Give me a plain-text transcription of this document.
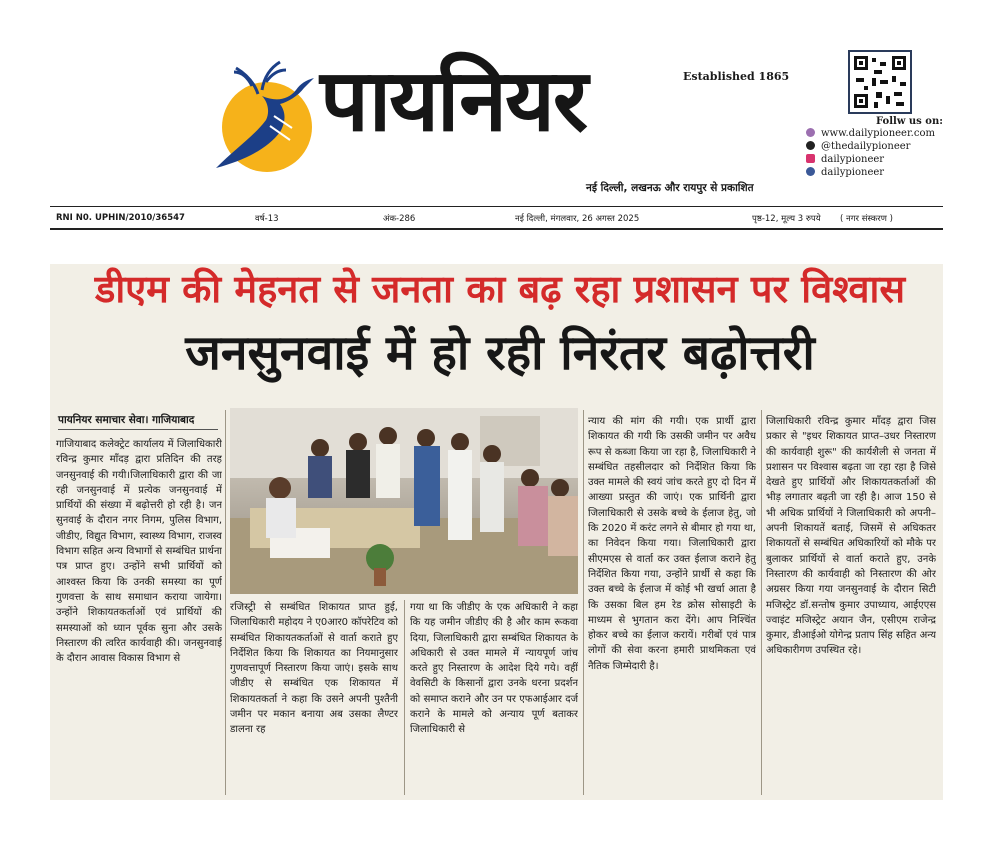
पायनियर	Established 1865
नई दिल्ली, लखनऊ और रायपुर से प्रकाशित
Follw us on:
www.dailypioneer.com
@thedailypioneer
dailypioneer
dailypioneer
RNI N0. UPHIN/2010/36547	वर्ष-13	अंक-286	नई दिल्ली, मंगलवार, 26 अगस्त 2025	पृष्ठ-12, मूल्य 3 रुपये ( नगर संस्करण )
डीएम की मेहनत से जनता का बढ़ रहा प्रशासन पर विश्वास
जनसुनवाई में हो रही निरंतर बढ़ोत्तरी
पायनियर समाचार सेवा। गाजियाबाद

गाजियाबाद कलेक्ट्रेट कार्यालय में जिलाधिकारी रविन्द्र कुमार माँदड़ द्वारा प्रतिदिन की तरह जनसुनवाई की गयी।जिलाधिकारी द्वारा की जा रही जनसुनवाई में प्रत्येक जनसुनवाई में प्रार्थियों की संख्या में बढ़ोत्तरी हो रही है। जन सुनवाई के दौरान नगर निगम, पुलिस विभाग, जीडीए, विद्युत विभाग, स्वास्थ्य विभाग, राजस्व विभाग सहित अन्य विभागों से सम्बंधित प्रार्थना पत्र प्राप्त हुए। उन्होंने सभी प्रार्थियों को आश्वस्त किया कि उनकी समस्या का पूर्ण गुणवत्ता के साथ समाधान कराया जायेगा। उन्होंने शिकायतकर्ताओं एवं प्रार्थियों की समस्याओं को ध्यान पूर्वक सुना और उसके निस्तारण की त्वरित कार्यवाही की। जनसुनवाई के दौरान आवास विकास विभाग से

रजिस्ट्री से सम्बंधित शिकायत प्राप्त हुई, जिलाधिकारी महोदय ने ए0आर0 कॉपरेटिव को सम्बंधित शिकायतकर्ताओं से वार्ता कराते हुए निर्देशित किया कि शिकायत का नियमानुसार गुणवत्तापूर्ण निस्तारण किया जाएं। इसके साथ जीडीए से सम्बंधित एक शिकायत में शिकायतकर्ता ने कहा कि उसने अपनी पुश्तैनी जमीन पर मकान बनाया अब उसका लैण्टर डालना रह

गया था कि जीडीए के एक अधिकारी ने कहा कि यह जमीन जीडीए की है और काम रूकवा दिया, जिलाधिकारी द्वारा सम्बंधित शिकायत के अधिकारी से उक्त मामले में न्यायपूर्ण जांच करते हुए निस्तारण के आदेश दिये गये। वहीं वेवसिटी के किसानों द्वारा उनके धरना प्रदर्शन को समाप्त कराने और उन पर एफआईआर दर्ज कराने के मामले को अन्याय पूर्ण बताकर जिलाधिकारी से

न्याय की मांग की गयी। एक प्रार्थी द्वारा शिकायत की गयी कि उसकी जमीन पर अवैध रूप से कब्जा किया जा रहा है, जिलाधिकारी ने सम्बंधित तहसीलदार को निर्देशित किया कि उक्त मामले की स्वयं जांच करते हुए दो दिन में आख्या प्रस्तुत की जाएं। एक प्रार्थिनी द्वारा जिलाधिकारी से उसके बच्चे के ईलाज हेतु, जो कि 2020 में करंट लगने से बीमार हो गया था, का निवेदन किया गया। जिलाधिकारी द्वारा सीएमएस से वार्ता कर उक्त ईलाज कराने हेतु निर्देशित किया गया, उन्होंने प्रार्थी से कहा कि उक्त बच्चे के ईलाज में कोई भी खर्चा आता है कि उसका बिल हम रेड क्रोस सोसाइटी के माध्यम से भुगतान करा देंगे। आप निश्चिंत होकर बच्चे का ईलाज करायें। गरीबों एवं पात्र लोगों की सेवा करना हमारी प्राथमिकता एवं नैतिक जिम्मेदारी है।

जिलाधिकारी रविन्द्र कुमार माँदड़ द्वारा जिस प्रकार से "इधर शिकायत प्राप्त–उधर निस्तारण की कार्यवाही शुरू" की कार्यशैली से जनता में प्रशासन पर विश्वास बढ़ता जा रहा रहा है जिसे देखते हुए प्रार्थियों और शिकायतकर्ताओं की भीड़ लगातार बढ़ती जा रही है। आज 150 से भी अधिक प्रार्थियों ने जिलाधिकारी को अपनी–अपनी शिकायतें बताई, जिसमें से अधिकतर शिकायतों से सम्बंधित अधिकारियों को मौके पर बुलाकर प्रार्थियों से वार्ता कराते हुए, उनके निस्तारण की कार्यवाही को निस्तारण की ओर अग्रसर किया गया जनसुनवाई के दौरान सिटी मजिस्ट्रेट डॉ.सन्तोष कुमार उपाध्याय, आईएएस ज्वाइंट मजिस्ट्रेट अयान जैन, एसीएम राजेन्द्र कुमार, डीआईओ योगेन्द्र प्रताप सिंह सहित अन्य अधिकारीगण उपस्थित रहे।
